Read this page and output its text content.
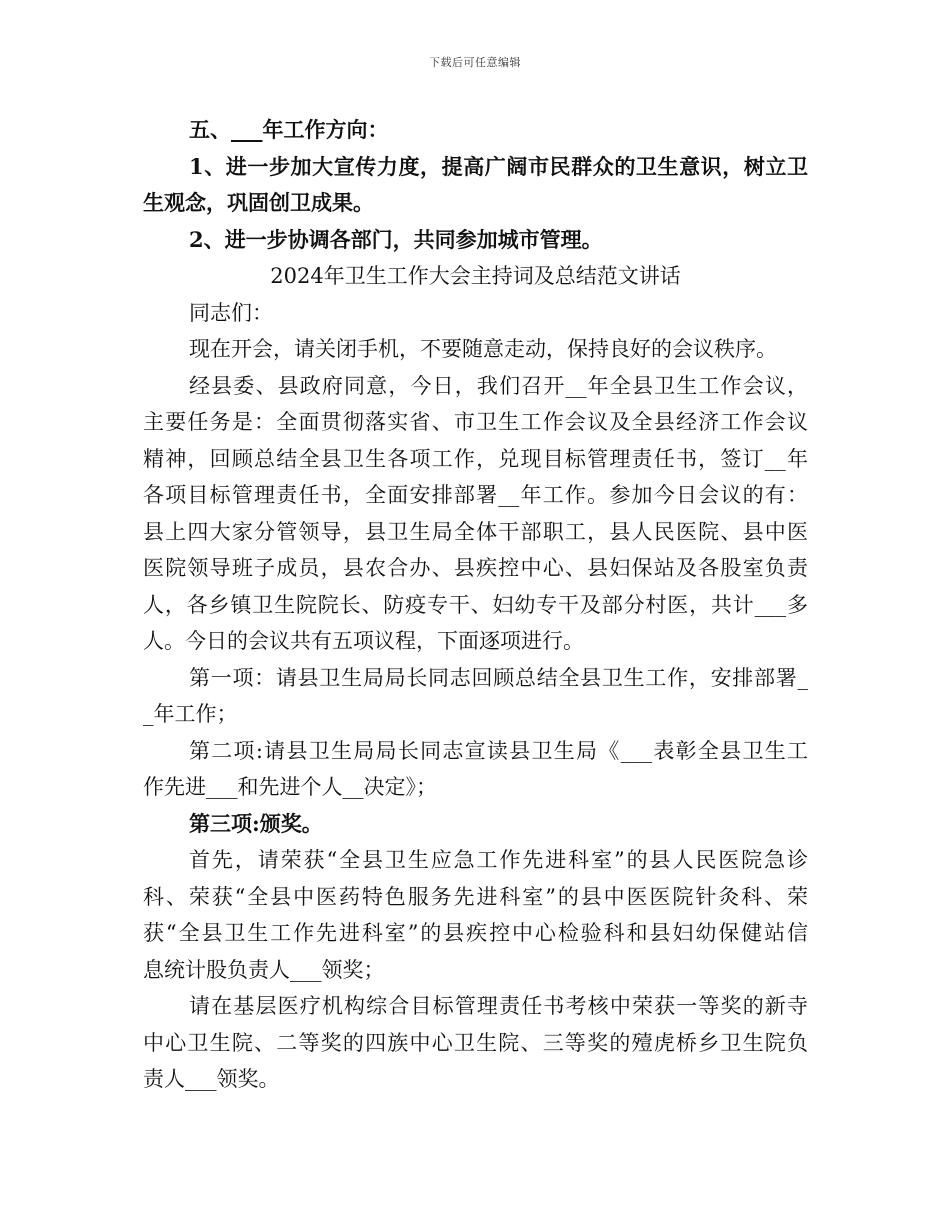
下载后可任意编辑
五、___年工作方向：
1、进一步加大宣传力度，提高广阔市民群众的卫生意识，树立卫
生观念，巩固创卫成果。
2、进一步协调各部门，共同参加城市管理。
2024年卫生工作大会主持词及总结范文讲话
同志们：
现在开会，请关闭手机，不要随意走动，保持良好的会议秩序。
经县委、县政府同意，今日，我们召开__年全县卫生工作会议，
主要任务是：全面贯彻落实省、市卫生工作会议及全县经济工作会议
精神，回顾总结全县卫生各项工作，兑现目标管理责任书，签订__年
各项目标管理责任书，全面安排部署__年工作。参加今日会议的有：
县上四大家分管领导，县卫生局全体干部职工，县人民医院、县中医
医院领导班子成员，县农合办、县疾控中心、县妇保站及各股室负责
人，各乡镇卫生院院长、防疫专干、妇幼专干及部分村医，共计___多
人。今日的会议共有五项议程，下面逐项进行。
第一项：请县卫生局局长同志回顾总结全县卫生工作，安排部署_
_年工作；
第二项:请县卫生局局长同志宣读县卫生局《___表彰全县卫生工
作先进___和先进个人__决定》；
第三项:颁奖。
首先，请荣获“全县卫生应急工作先进科室”的县人民医院急诊
科、荣获“全县中医药特色服务先进科室”的县中医医院针灸科、荣
获“全县卫生工作先进科室”的县疾控中心检验科和县妇幼保健站信
息统计股负责人___领奖；
请在基层医疗机构综合目标管理责任书考核中荣获一等奖的新寺
中心卫生院、二等奖的四族中心卫生院、三等奖的殪虎桥乡卫生院负
责人___领奖。
